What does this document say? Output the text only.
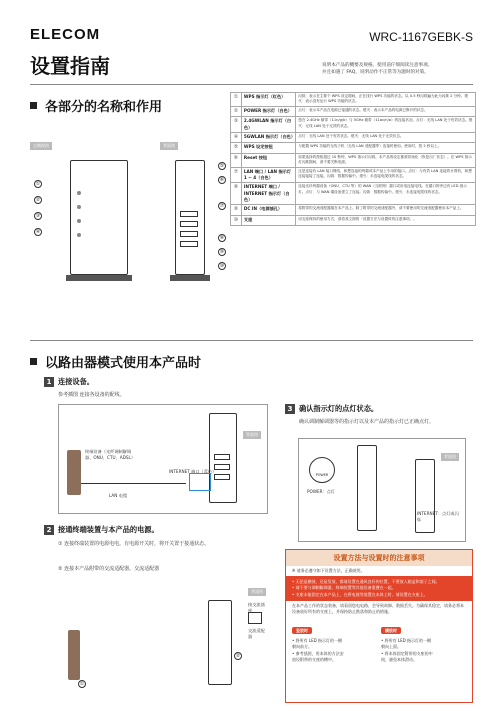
ELECOM	WRC-1167GEBK-S
设置指南	说明本产品的概要及规格。使用前仔细阅读注意事项。
并且如遇了 FAQ，说明动作不正常等为题时的对策。
各部分的名称和作用
左侧视图	背面图
①
②
③
④
⑤
⑥
⑦
⑧
⑨
⑩
①	WPS 指示灯（红色）	闪烁：表示在主要个 WPS 设定期间，正在找行 WPS 功能的状态。以 0.5 秒闪烁遍为此为闪烁 2 分钟。熄灭：表示没有运行 WPS 功能的状态。
②	POWER 指示灯（白色）	点灯：表示本产品在电源已接通的状态。熄灭：表示本产品的电源已断开的状态。
③	2.4GWLAN 指示灯（白色）	您在 2.4GHz 频带（11n/g/b）与 5GHz 频带（11ac/n/a）的连接状况。点灯：无线 LAN 处于有效状态。熄灭：无线 LAN 处于无效的状态。
④	5GWLAN 指示灯（白色）	点灯：无线 LAN 处于有效状态。熄灭：无线 LAN 处于无效状态。
⑤	WPS 设定按钮	与配置 WPS 功能的无线子机（无线 LAN 适配器等）连接时使用。使用时，按 2 秒以上。
⑥	Reset 按钮	如果选择的按钮超过 10 秒钟，WPS 指示灯闪烁，本产品的设定都被初始化（恢复出厂状态）。在 WPS 指示灯闪烁期间，请不要关断电源。
⑦	LAN 端口 / LAN 指示灯 1 ~ 4（白色）	这是连接有 LAN 接口网线，和想连接的终端或本产品上专用的接口。点灯：与有效 LAN 连接的计算机，和想连接接接了连接。闪烁：数据传输中。熄灭：未连接电缆线的状态。
⑧	INTERNET 端口 / INTERNET 指示灯（白色）	连接光纤终端设备（ONU、CTU 等）的 WAN（互联网）端口或用电连接电线。在端口的旁边有 LED 指示灯。点灯：与 WAN 端设备建立了连接。闪烁：数据传输中。熄灭：未连接电缆线的状态。
⑨	DC IN（电源插孔）	将附带的交流适配器插在本产品上。除了附带的交流适配器外，请不要使用的交流适配器使用本产品上。
⑩	支座	用支座保持的使用方式，请将其文图的「设置方法与设置时的注意事项」。
以路由器模式使用本产品时
1 连接设备。
参考插图 连接各设备的配线。
背面图
终端设备（光纤调制解调器、ONU、CTU、ADSL）
INTERNET 端口（蓝色）
LAN 电缆
2 接通终端装置与本产品的电源。
① 连接终端装置的电源电电。有电源开关时，将开关置于接通状态。
② 连接本产品附带的交流适配器。交流适配器
背面图
接交流插座
交流适配器
①
②
3 确认指示灯的点灯状态。
确认调制解调器等的指示灯以及本产品的指示灯已正确点灯。
背面图
POWER
POWER：点灯
INTERNET：点灯或闪烁
设置方法与设置时的注意事项
※ 请务必遵守如下设置方法，正确使用。
• 无论是横放、还是竖放，都请设置在通风良好的位置，不要放入箱盒和架子之间。
• 请不要与调制解调器、终端装置等其他设备重叠在一起。
• 支座未能固定在本产品上，在将电视等放置在本体上时，请设置在支座上。
在本产品工作的状态装备，请看留您电电路，会导致故障、数据丢失。为确保其稳定，请务必将本设备放好所有的支座上，并保持防止跌落和防止的措施。
竖放时
• 将所有 LED 指示灯的一侧朝向前方。
• 参考插图，用本体的方法安放设附带的支座的槽中。
横放时
• 将所有 LED 指示灯的一侧朝向上面。
• 将本体固定附带的支座的中间，避免本体滑动。
